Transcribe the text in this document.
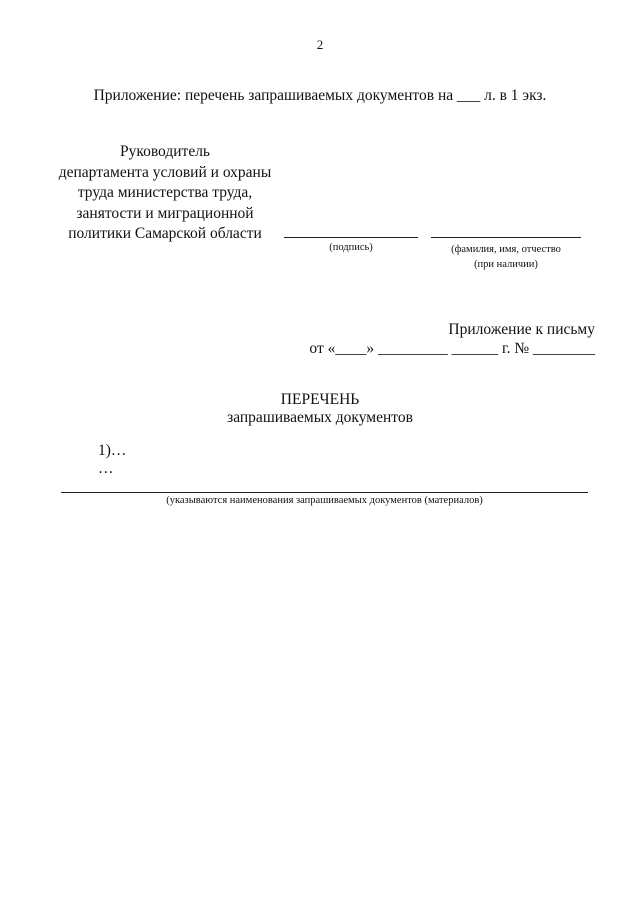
2
Приложение: перечень запрашиваемых документов на ___ л. в 1 экз.
Руководитель
департамента условий и охраны
труда министерства труда,
занятости и миграционной
политики Самарской области
(подпись)	(фамилия, имя, отчество
(при наличии)
Приложение к письму
от «____» _________ ______ г. № ________
ПЕРЕЧЕНЬ
запрашиваемых документов
1)…
…
(указываются наименования запрашиваемых документов (материалов)
